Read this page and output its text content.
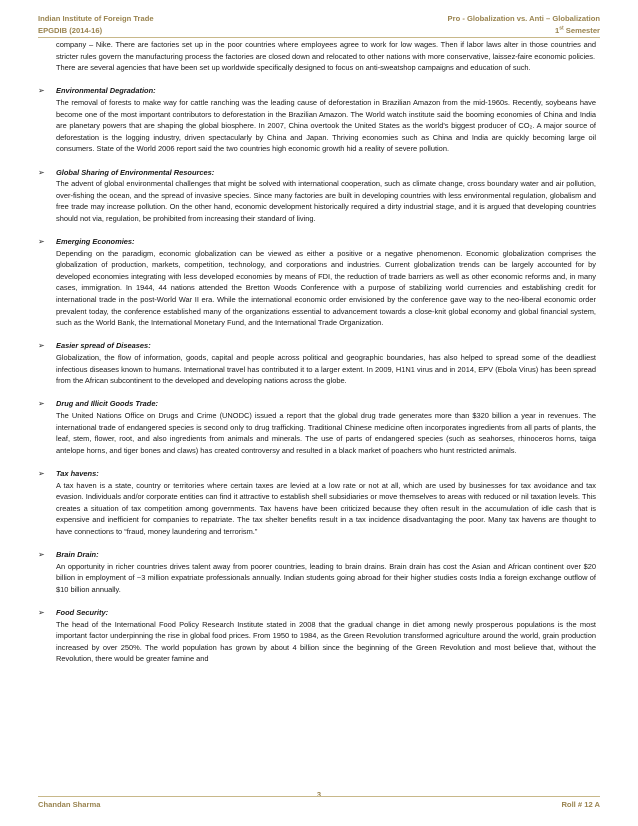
Indian Institute of Foreign Trade	Pro - Globalization vs. Anti – Globalization
EPGDIB (2014-16)	1st Semester

company – Nike. There are factories set up in the poor countries where employees agree to work for low wages. Then if labor laws alter in those countries and stricter rules govern the manufacturing process the factories are closed down and relocated to other nations with more conservative, laissez-faire economic policies.

There are several agencies that have been set up worldwide specifically designed to focus on anti-sweatshop campaigns and education of such.

➢	Environmental Degradation:

The removal of forests to make way for cattle ranching was the leading cause of deforestation in Brazilian Amazon from the mid-1960s. Recently, soybeans have become one of the most important contributors to deforestation in the Brazilian Amazon. The World watch institute said the booming economies of China and India are planetary powers that are shaping the global biosphere. In 2007, China overtook the United States as the world's biggest producer of CO₂. A major source of deforestation is the logging industry, driven spectacularly by China and Japan. Thriving economies such as China and India are quickly becoming large oil consumers. State of the World 2006 report said the two countries high economic growth hid a reality of severe pollution.

➢	Global Sharing of Environmental Resources:

The advent of global environmental challenges that might be solved with international cooperation, such as climate change, cross boundary water and air pollution, over-fishing the ocean, and the spread of invasive species. Since many factories are built in developing countries with less environmental regulation, globalism and free trade may increase pollution. On the other hand, economic development historically required a dirty industrial stage, and it is argued that developing countries should not via, regulation, be prohibited from increasing their standard of living.

➢	Emerging Economies:

Depending on the paradigm, economic globalization can be viewed as either a positive or a negative phenomenon. Economic globalization comprises the globalization of production, markets, competition, technology, and corporations and industries. Current globalization trends can be largely accounted for by developed economies integrating with less developed economies by means of FDI, the reduction of trade barriers as well as other economic reforms and, in many cases, immigration. In 1944, 44 nations attended the Bretton Woods Conference with a purpose of stabilizing world currencies and establishing credit for international trade in the post-World War II era. While the international economic order envisioned by the conference gave way to the neo-liberal economic order prevalent today, the conference established many of the organizations essential to advancement towards a close-knit global economy and global financial system, such as the World Bank, the International Monetary Fund, and the International Trade Organization.

➢	Easier spread of Diseases:

Globalization, the flow of information, goods, capital and people across political and geographic boundaries, has also helped to spread some of the deadliest infectious diseases known to humans. International travel has contributed it to a larger extent. In 2009, H1N1 virus and in 2014, EPV (Ebola Virus) has been spread from the African subcontinent to the developed and developing nations across the globe.

➢	Drug and Illicit Goods Trade:

The United Nations Office on Drugs and Crime (UNODC) issued a report that the global drug trade generates more than $320 billion a year in revenues. The international trade of endangered species is second only to drug trafficking. Traditional Chinese medicine often incorporates ingredients from all parts of plants, the leaf, stem, flower, root, and also ingredients from animals and minerals. The use of parts of endangered species (such as seahorses, rhinoceros horns, taiga antelope horns, and tiger bones and claws) has created controversy and resulted in a black market of poachers who hunt restricted animals.

➢	Tax havens:

A tax haven is a state, country or territories where certain taxes are levied at a low rate or not at all, which are used by businesses for tax avoidance and tax evasion. Individuals and/or corporate entities can find it attractive to establish shell subsidiaries or move themselves to areas with reduced or nil taxation levels. This creates a situation of tax competition among governments. Tax havens have been criticized because they often result in the accumulation of idle cash that is expensive and inefficient for companies to repatriate. The tax shelter benefits result in a tax incidence disadvantaging the poor. Many tax havens are thought to have connections to “fraud, money laundering and terrorism.”

➢	Brain Drain:

An opportunity in richer countries drives talent away from poorer countries, leading to brain drains. Brain drain has cost the Asian and African continent over $20 billion in employment of ~3 million expatriate professionals annually. Indian students going abroad for their higher studies costs India a foreign exchange outflow of $10 billion annually.

➢	Food Security:

The head of the International Food Policy Research Institute stated in 2008 that the gradual change in diet among newly prosperous populations is the most important factor underpinning the rise in global food prices. From 1950 to 1984, as the Green Revolution transformed agriculture around the world, grain production increased by over 250%. The world population has grown by about 4 billion since the beginning of the Green Revolution and most believe that, without the Revolution, there would be greater famine and

3
Chandan Sharma	Roll # 12 A
